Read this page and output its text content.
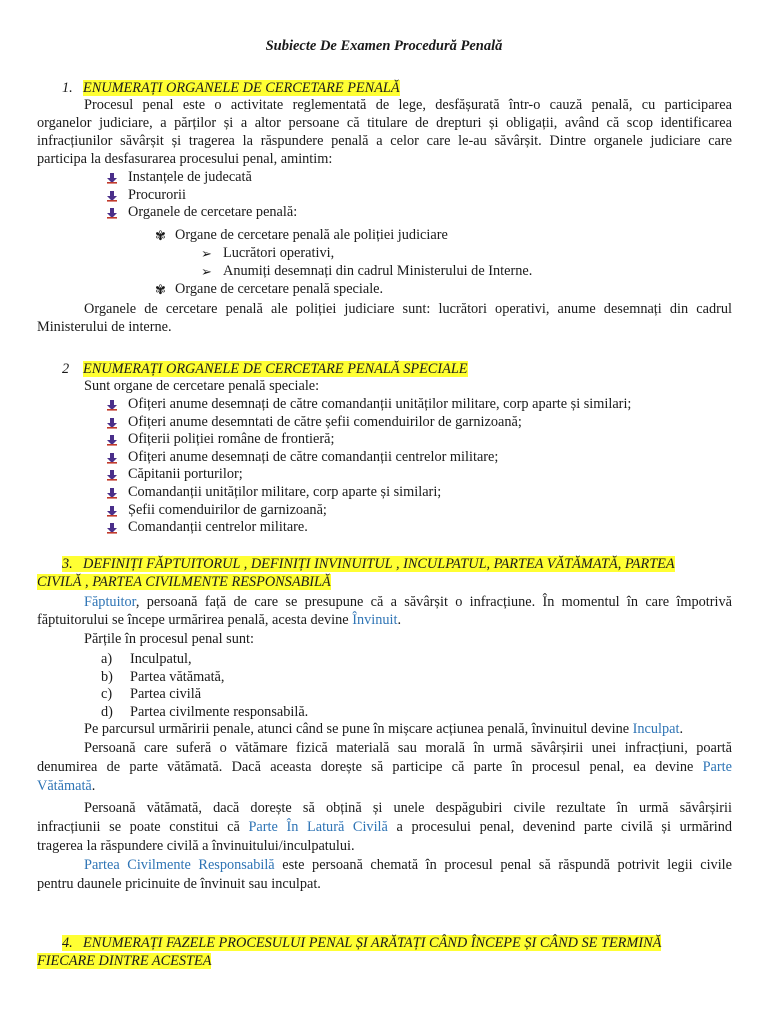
Subiecte De Examen Procedură Penală
1. ENUMERAȚI ORGANELE DE CERCETARE PENALĂ
Procesul penal este o activitate reglementată de lege, desfășurată într-o cauză penală, cu participarea
organelor judiciare, a părților și a altor persoane că titulare de drepturi și obligații, având că scop identificarea
infracțiunilor săvârșit și tragerea la răspundere penală a celor care le-au săvârșit. Dintre organele judiciare care
participa la desfasurarea procesului penal, amintim:
Instanțele de judecată
Procurorii
Organele de cercetare penală:
✾ Organe de cercetare penală ale poliției judiciare
➢ Lucrători operativi,
➢ Anumiți desemnați din cadrul Ministerului de Interne.
✾ Organe de cercetare penală speciale.
Organele de cercetare penală ale poliției judiciare sunt: lucrători operativi, anume desemnați din cadrul
Ministerului de interne.
2 ENUMERAȚI ORGANELE DE CERCETARE PENALĂ SPECIALE
Sunt organe de cercetare penală speciale:
Ofițeri anume desemnați de către comandanții unităților militare, corp aparte și similari;
Ofițeri anume desemntati de către șefii comenduirilor de garnizoană;
Ofițerii poliției române de frontieră;
Ofițeri anume desemnați de către comandanții centrelor militare;
Căpitanii porturilor;
Comandanții unităților militare, corp aparte și similari;
Șefii comenduirilor de garnizoană;
Comandanții centrelor militare.
3. DEFINIȚI FĂPTUITORUL , DEFINIȚI INVINUITUL , INCULPATUL, PARTEA VĂTĂMATĂ, PARTEA
CIVILĂ , PARTEA CIVILMENTE RESPONSABILĂ
Făptuitor, persoană față de care se presupune că a săvârșit o infracțiune. În momentul în care împotrivă
făptuitorului se începe urmărirea penală, acesta devine Învinuit.
Părțile în procesul penal sunt:
a) Inculpatul,
b) Partea vătămată,
c) Partea civilă
d) Partea civilmente responsabilă.
Pe parcursul urmăririi penale, atunci când se pune în mișcare acțiunea penală, învinuitul devine Inculpat.
Persoană care suferă o vătămare fizică materială sau morală în urmă săvârșirii unei infracțiuni, poartă
denumirea de parte vătămată. Dacă aceasta dorește să participe că parte în procesul penal, ea devine Parte
Vătămată.
Persoană vătămată, dacă dorește să obțină și unele despăgubiri civile rezultate în urmă săvârșirii
infracțiunii se poate constitui că Parte În Latură Civilă a procesului penal, devenind parte civilă și urmărind
tragerea la răspundere civilă a învinuitului/inculpatului.
Partea Civilmente Responsabilă este persoană chemată în procesul penal să răspundă potrivit legii civile
pentru daunele pricinuite de învinuit sau inculpat.
4. ENUMERAȚI FAZELE PROCESULUI PENAL ȘI ARĂTAȚI CÂND ÎNCEPE ȘI CÂND SE TERMINĂ
FIECARE DINTRE ACESTEA
